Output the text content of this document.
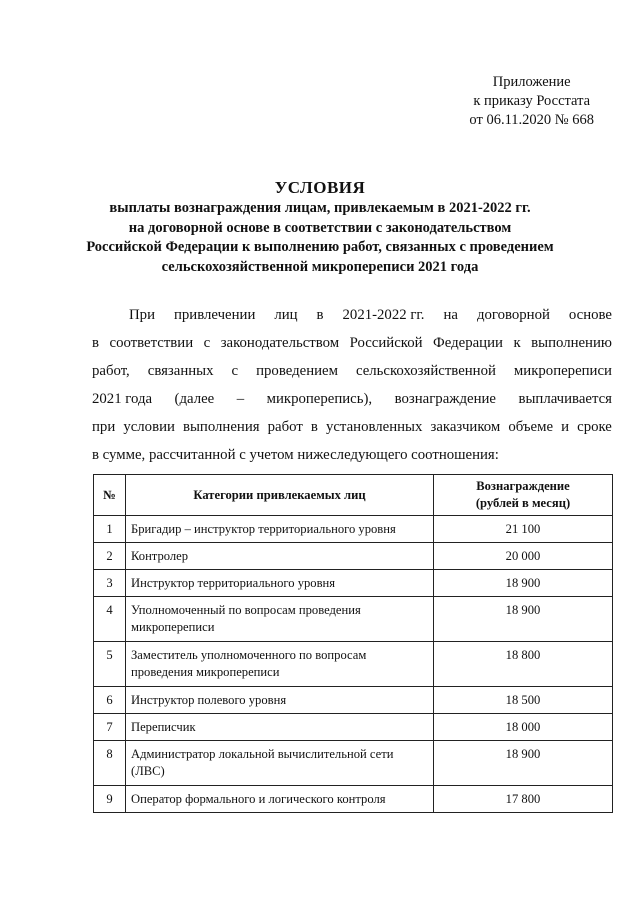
Приложение
к приказу Росстата
от 06.11.2020 № 668
УСЛОВИЯ
выплаты вознаграждения лицам, привлекаемым в 2021-2022 гг.
на договорной основе в соответствии с законодательством
Российской Федерации к выполнению работ, связанных с проведением
сельскохозяйственной микропереписи 2021 года
При привлечении лиц в 2021-2022 гг. на договорной основе
в соответствии с законодательством Российской Федерации к выполнению
работ, связанных с проведением сельскохозяйственной микропереписи
2021 года (далее – микроперепись), вознаграждение выплачивается
при условии выполнения работ в установленных заказчиком объеме и сроке
в сумме, рассчитанной с учетом нижеследующего соотношения:
№	Категории привлекаемых лиц	Вознаграждение
(рублей в месяц)

1	Бригадир – инструктор территориального уровня	21 100
2	Контролер	20 000
3	Инструктор территориального уровня	18 900
4	Уполномоченный по вопросам проведения микропереписи	18 900
5	Заместитель уполномоченного по вопросам проведения микропереписи	18 800
6	Инструктор полевого уровня	18 500
7	Переписчик	18 000
8	Администратор локальной вычислительной сети (ЛВС)	18 900
9	Оператор формального и логического контроля	17 800
